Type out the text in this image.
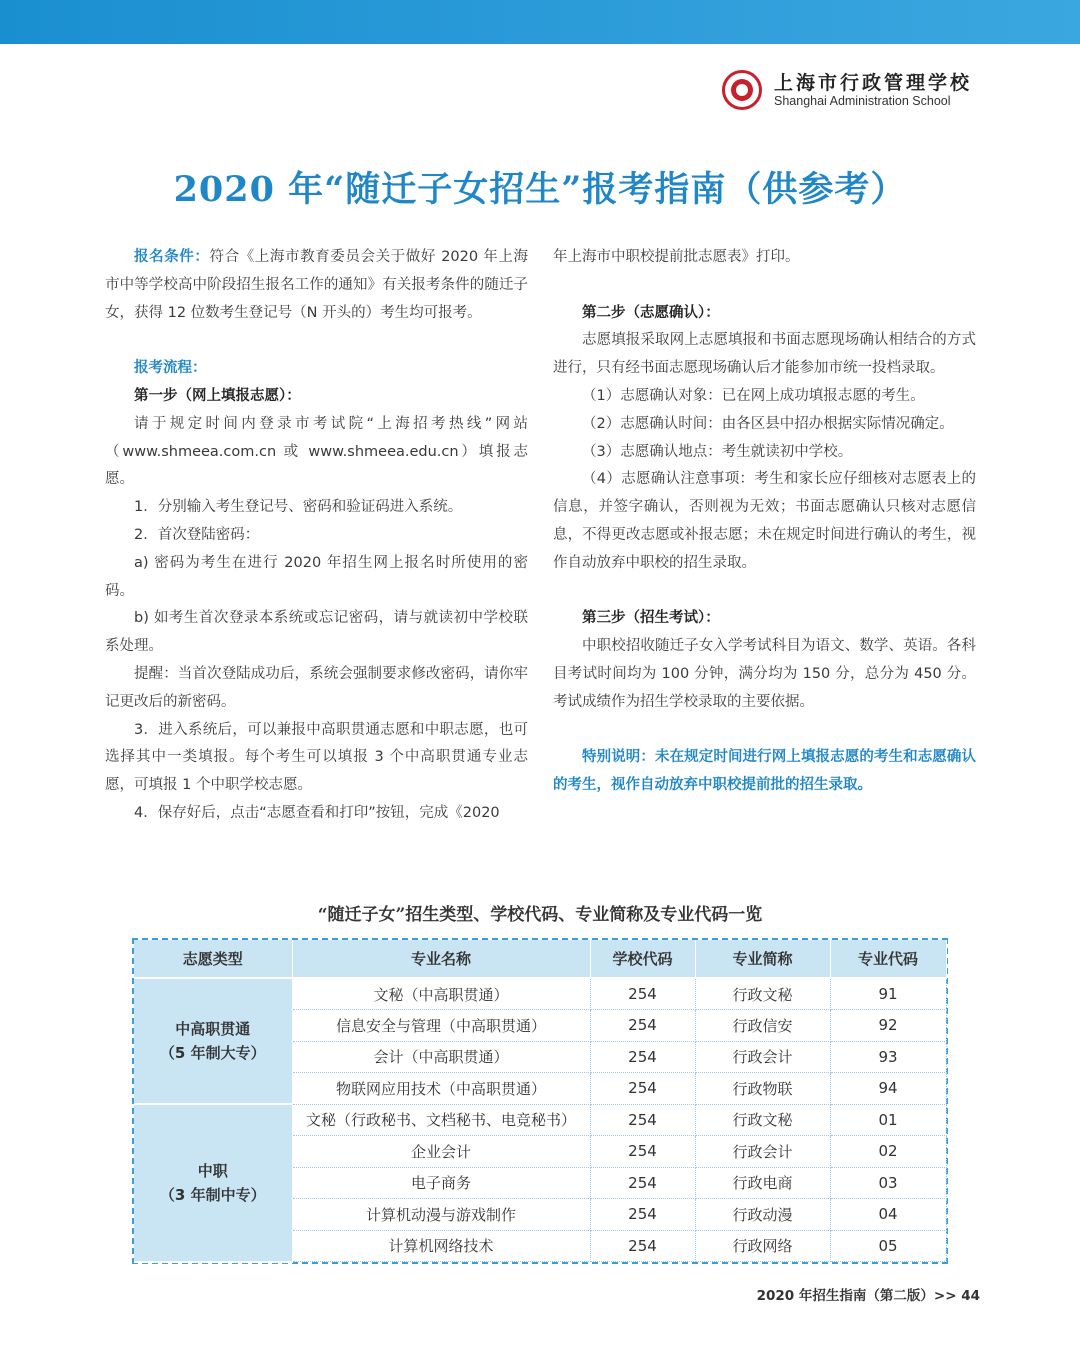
上海市行政管理学校
Shanghai Administration School
2020 年“随迁子女招生”报考指南（供参考）

报名条件：符合《上海市教育委员会关于做好 2020 年上海市中等学校高中阶段招生报名工作的通知》有关报考条件的随迁子女，获得 12 位数考生登记号（N 开头的）考生均可报考。

报考流程：

第一步（网上填报志愿）：

请于规定时间内登录市考试院“上海招考热线”网站（www.shmeea.com.cn 或 www.shmeea.edu.cn）填报志愿。

1．分别输入考生登记号、密码和验证码进入系统。

2．首次登陆密码：

a) 密码为考生在进行 2020 年招生网上报名时所使用的密码。

b) 如考生首次登录本系统或忘记密码，请与就读初中学校联系处理。

提醒：当首次登陆成功后，系统会强制要求修改密码，请你牢记更改后的新密码。

3．进入系统后，可以兼报中高职贯通志愿和中职志愿，也可选择其中一类填报。每个考生可以填报 3 个中高职贯通专业志愿，可填报 1 个中职学校志愿。

4．保存好后，点击“志愿查看和打印”按钮，完成《2020

年上海市中职校提前批志愿表》打印。

第二步（志愿确认）：

志愿填报采取网上志愿填报和书面志愿现场确认相结合的方式进行，只有经书面志愿现场确认后才能参加市统一投档录取。

（1）志愿确认对象：已在网上成功填报志愿的考生。

（2）志愿确认时间：由各区县中招办根据实际情况确定。

（3）志愿确认地点：考生就读初中学校。

（4）志愿确认注意事项：考生和家长应仔细核对志愿表上的信息，并签字确认，否则视为无效；书面志愿确认只核对志愿信息，不得更改志愿或补报志愿；未在规定时间进行确认的考生，视作自动放弃中职校的招生录取。

第三步（招生考试）：

中职校招收随迁子女入学考试科目为语文、数学、英语。各科目考试时间均为 100 分钟，满分均为 150 分，总分为 450 分。考试成绩作为招生学校录取的主要依据。

特别说明：未在规定时间进行网上填报志愿的考生和志愿确认的考生，视作自动放弃中职校提前批的招生录取。

“随迁子女”招生类型、学校代码、专业简称及专业代码一览
志愿类型	专业名称	学校代码	专业简称	专业代码

中高职贯通
（5 年制大专）	文秘（中高职贯通）	254	行政文秘	91
	信息安全与管理（中高职贯通）	254	行政信安	92
	会计（中高职贯通）	254	行政会计	93
	物联网应用技术（中高职贯通）	254	行政物联	94

中职
（3 年制中专）	文秘（行政秘书、文档秘书、电竞秘书）	254	行政文秘	01
	企业会计	254	行政会计	02
	电子商务	254	行政电商	03
	计算机动漫与游戏制作	254	行政动漫	04
	计算机网络技术	254	行政网络	05
2020 年招生指南（第二版）>> 44
